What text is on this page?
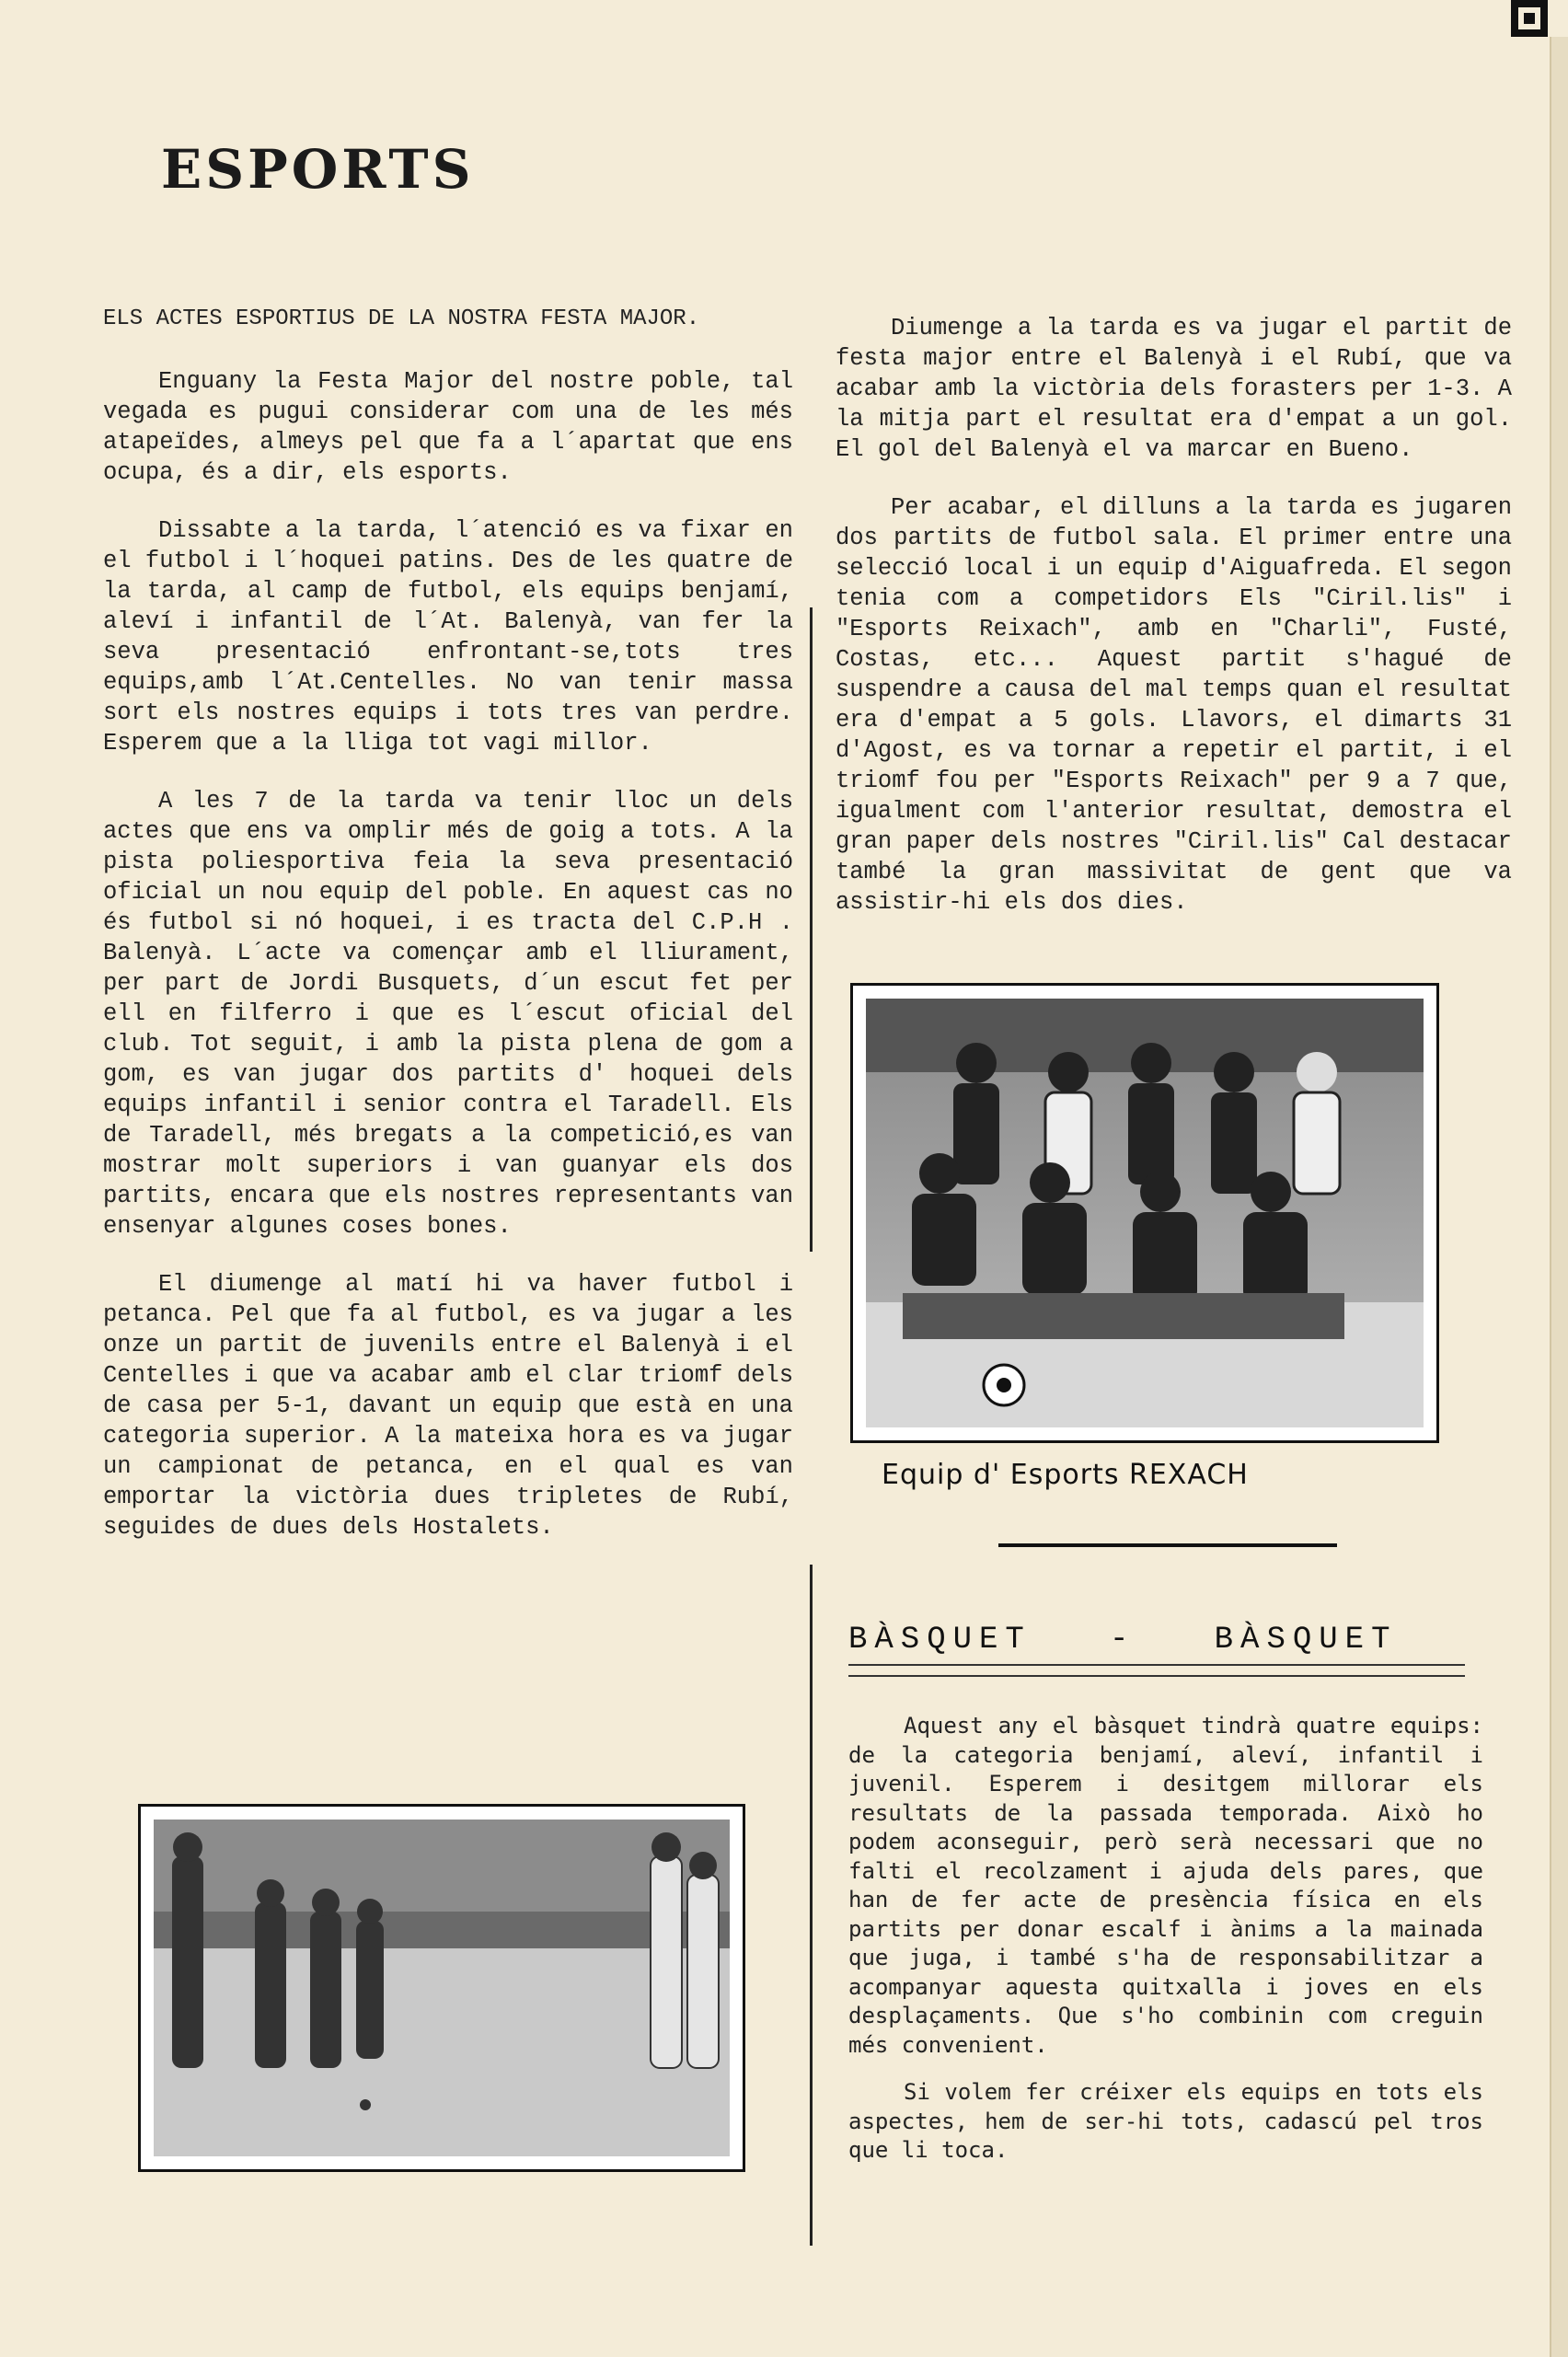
ESPORTS

ELS ACTES ESPORTIUS DE LA NOSTRA FESTA MAJOR.

Enguany la Festa Major del nostre poble, tal vegada es pugui considerar com una de les més atapeïdes, almeys pel que fa a l´apartat que ens ocupa, és a dir, els esports.

Dissabte a la tarda, l´atenció es va fixar en el futbol i l´hoquei patins. Des de les quatre de la tarda, al camp de futbol, els equips benjamí, aleví i infantil de l´At. Balenyà, van fer la seva presentació enfrontant-se,tots tres equips,amb l´At.Centelles. No van tenir massa sort els nostres equips i tots tres van perdre. Esperem que a la lliga tot vagi millor.

A les 7 de la tarda va tenir lloc un dels actes que ens va omplir més de goig a tots. A la pista poliesportiva feia la seva presentació oficial un nou equip del poble. En aquest cas no és futbol si nó hoquei, i es tracta del C.P.H . Balenyà. L´acte va començar amb el lliurament, per part de Jordi Busquets, d´un escut fet per ell en filferro i que es l´escut oficial del club. Tot seguit, i amb la pista plena de gom a gom, es van jugar dos partits d' hoquei dels equips infantil i senior contra el Taradell. Els de Taradell, més bregats a la competició,es van mostrar molt superiors i van guanyar els dos partits, encara que els nostres representants van ensenyar algunes coses bones.

El diumenge al matí hi va haver futbol i petanca. Pel que fa al futbol, es va jugar a les onze un partit de juvenils entre el Balenyà i el Centelles i que va acabar amb el clar triomf dels de casa per 5-1, davant un equip que està en una categoria superior. A la mateixa hora es va jugar un campionat de petanca, en el qual es van emportar la victòria dues tripletes de Rubí, seguides de dues dels Hostalets.

Diumenge a la tarda es va jugar el partit de festa major entre el Balenyà i el Rubí, que va acabar amb la victòria dels forasters per 1-3. A la mitja part el resultat era d'empat a un gol. El gol del Balenyà el va marcar en Bueno.

Per acabar, el dilluns a la tarda es jugaren dos partits de futbol sala. El primer entre una selecció local i un equip d'Aiguafreda. El segon tenia com a competidors Els "Ciril.lis" i "Esports Reixach", amb en "Charli", Fusté, Costas, etc... Aquest partit s'hagué de suspendre a causa del mal temps quan el resultat era d'empat a 5 gols. Llavors, el dimarts 31 d'Agost, es va tornar a repetir el partit, i el triomf fou per "Esports Reixach" per 9 a 7 que, igualment com l'anterior resultat, demostra el gran paper dels nostres "Ciril.lis" Cal destacar també la gran massivitat de gent que va assistir-hi els dos dies.

Equip d' Esports REXACH
BÀSQUET   -   BÀSQUET

Aquest any el bàsquet tindrà quatre equips: de la categoria benjamí, aleví, infantil i juvenil. Esperem i desitgem millorar els resultats de la passada temporada. Això ho podem aconseguir, però serà necessari que no falti el recolzament i ajuda dels pares, que han de fer acte de presència física en els partits per donar escalf i ànims a la mainada que juga, i també s'ha de responsabilitzar a acompanyar aquesta quitxalla i joves en els desplaçaments. Que s'ho combinin com creguin més convenient.

Si volem fer créixer els equips en tots els aspectes, hem de ser-hi tots, cadascú pel tros que li toca.
